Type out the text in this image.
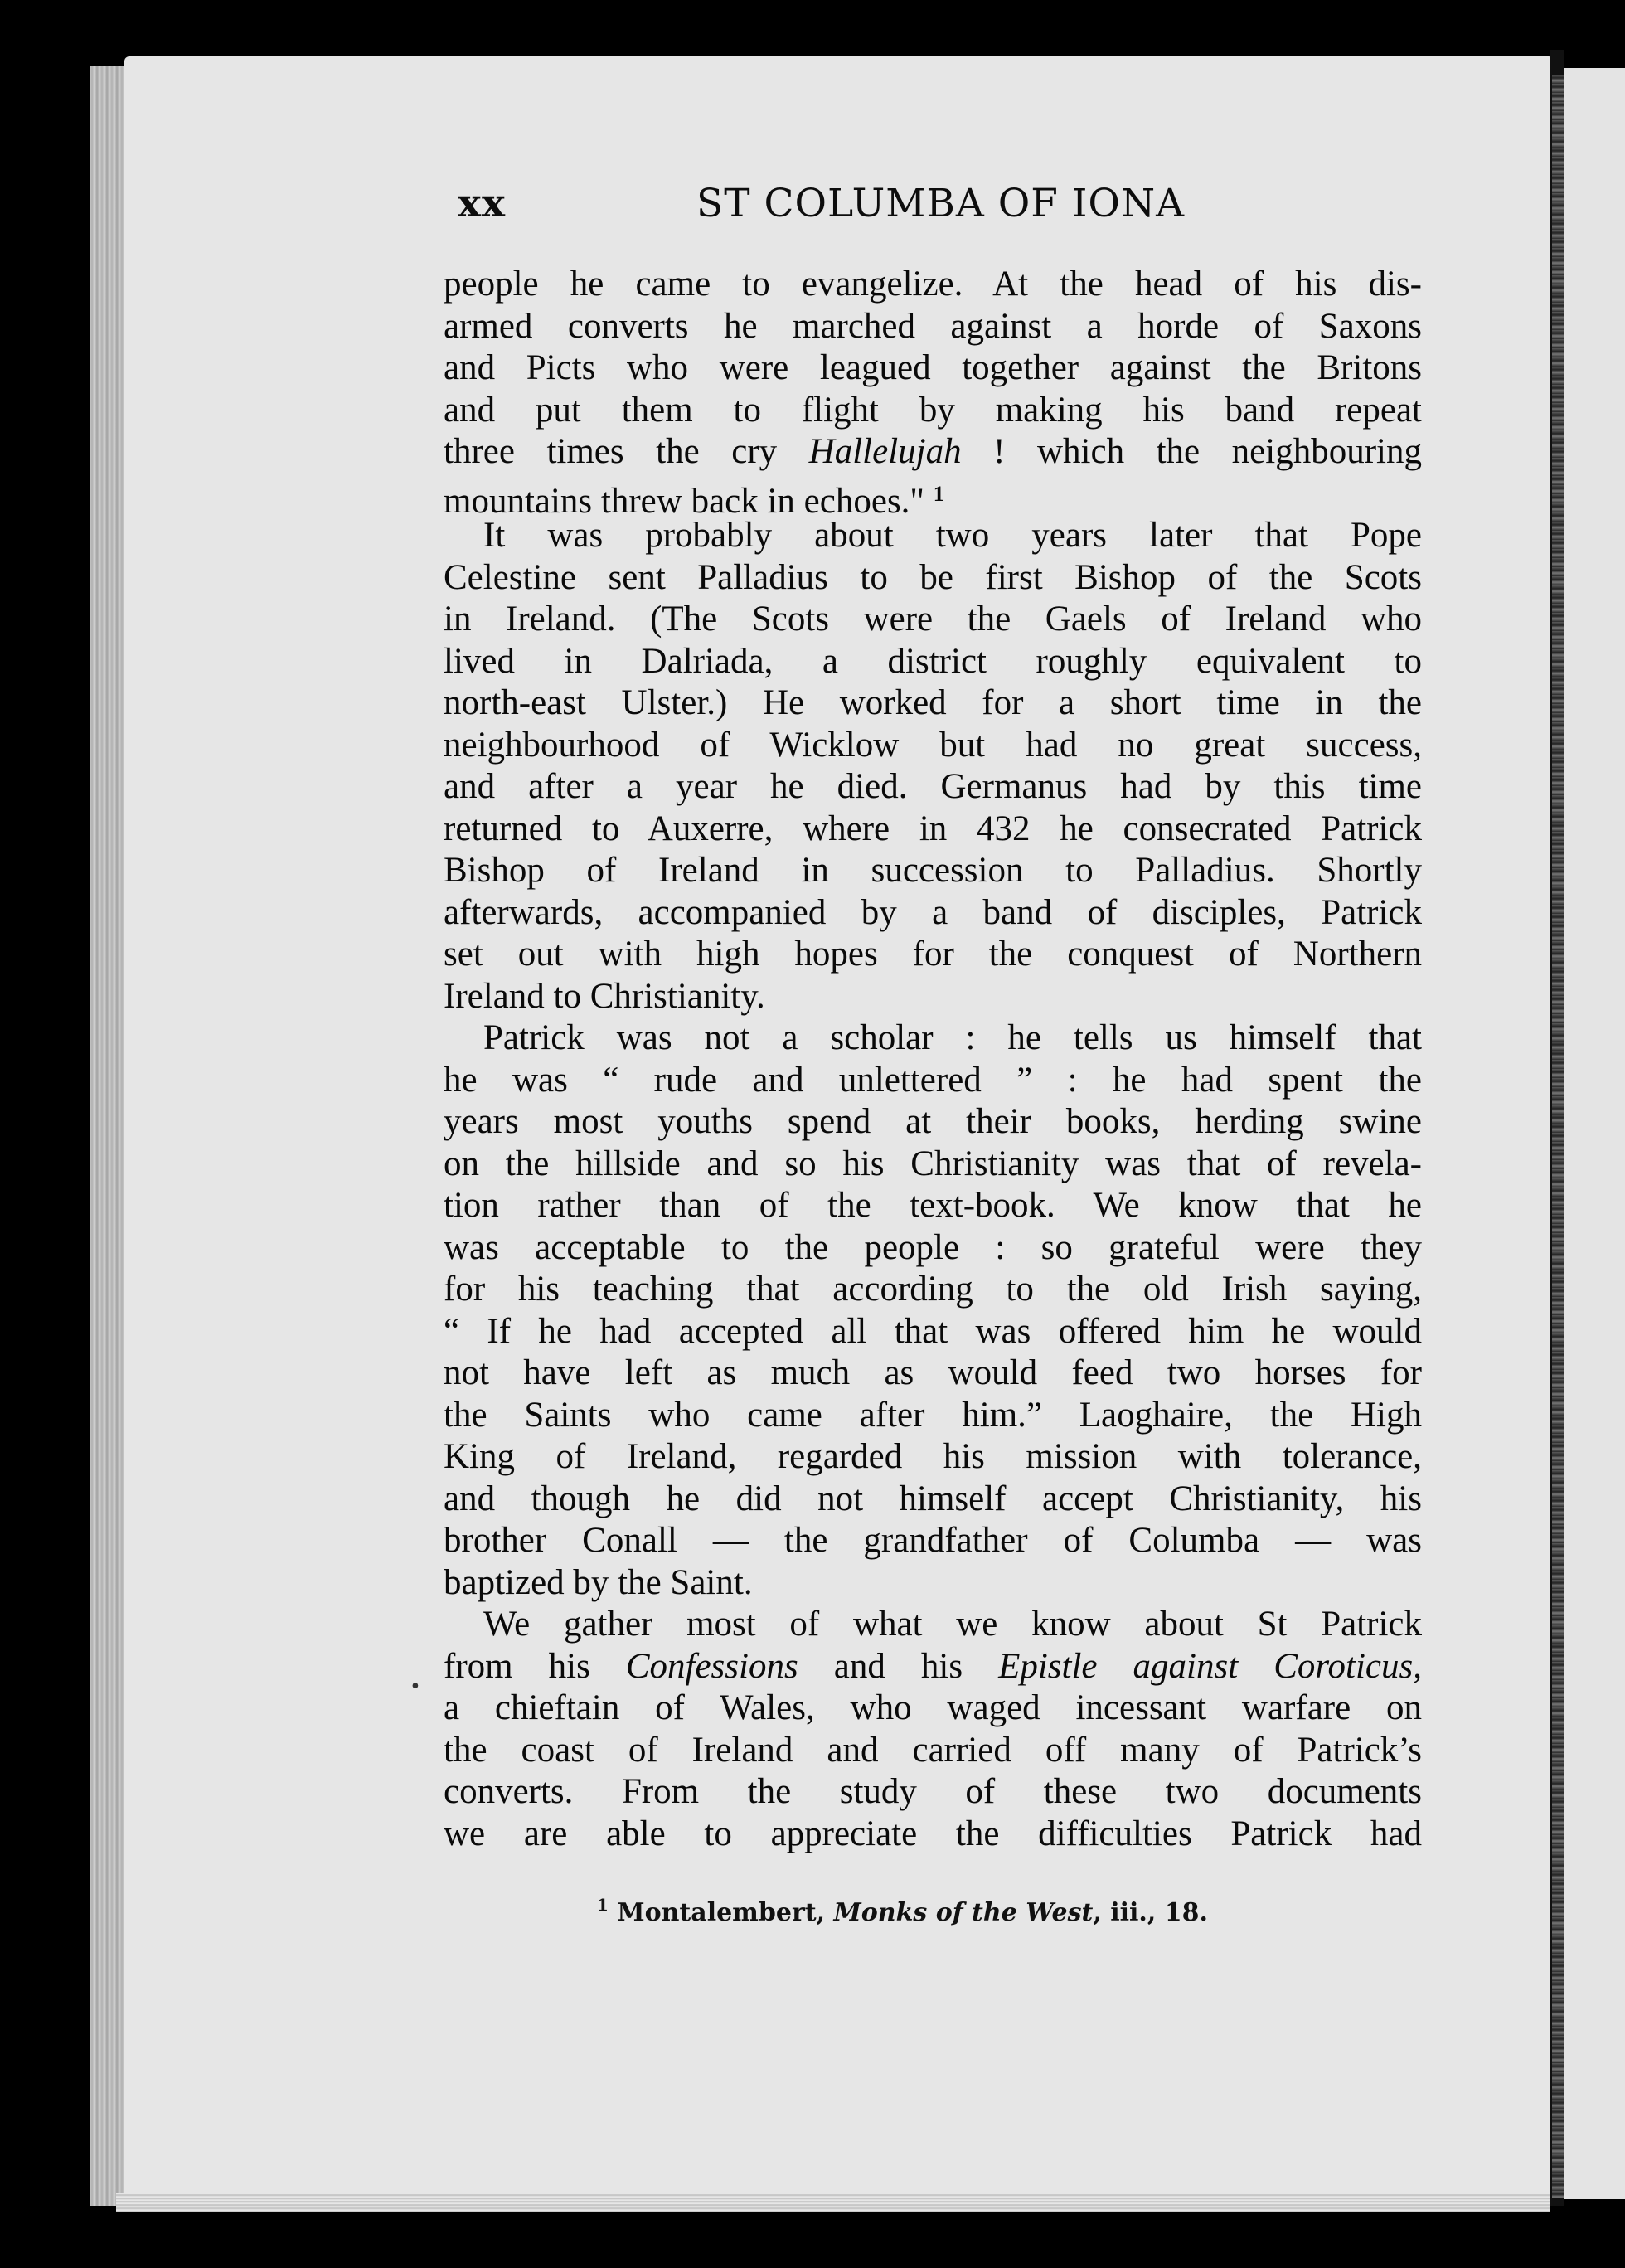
xx	ST COLUMBA OF IONA
people he came to evangelize. At the head of his dis-
armed converts he marched against a horde of Saxons
and Picts who were leagued together against the Britons
and put them to flight by making his band repeat
three times the cry Hallelujah ! which the neighbouring
mountains threw back in echoes." $^1$
It was probably about two years later that Pope
Celestine sent Palladius to be first Bishop of the Scots
in Ireland. (The Scots were the Gaels of Ireland who
lived in Dalriada, a district roughly equivalent to
north-east Ulster.) He worked for a short time in the
neighbourhood of Wicklow but had no great success,
and after a year he died. Germanus had by this time
returned to Auxerre, where in 432 he consecrated Patrick
Bishop of Ireland in succession to Palladius. Shortly
afterwards, accompanied by a band of disciples, Patrick
set out with high hopes for the conquest of Northern
Ireland to Christianity.
Patrick was not a scholar : he tells us himself that
he was “ rude and unlettered ” : he had spent the
years most youths spend at their books, herding swine
on the hillside and so his Christianity was that of revela-
tion rather than of the text-book. We know that he
was acceptable to the people : so grateful were they
for his teaching that according to the old Irish saying,
“ If he had accepted all that was offered him he would
not have left as much as would feed two horses for
the Saints who came after him.” Laoghaire, the High
King of Ireland, regarded his mission with tolerance,
and though he did not himself accept Christianity, his
brother Conall — the grandfather of Columba — was
baptized by the Saint.
We gather most of what we know about St Patrick
from his Confessions and his Epistle against Coroticus,
a chieftain of Wales, who waged incessant warfare on
the coast of Ireland and carried off many of Patrick’s
converts. From the study of these two documents
we are able to appreciate the difficulties Patrick had
•
$^1$ Montalembert, Monks of the West, iii., 18.
